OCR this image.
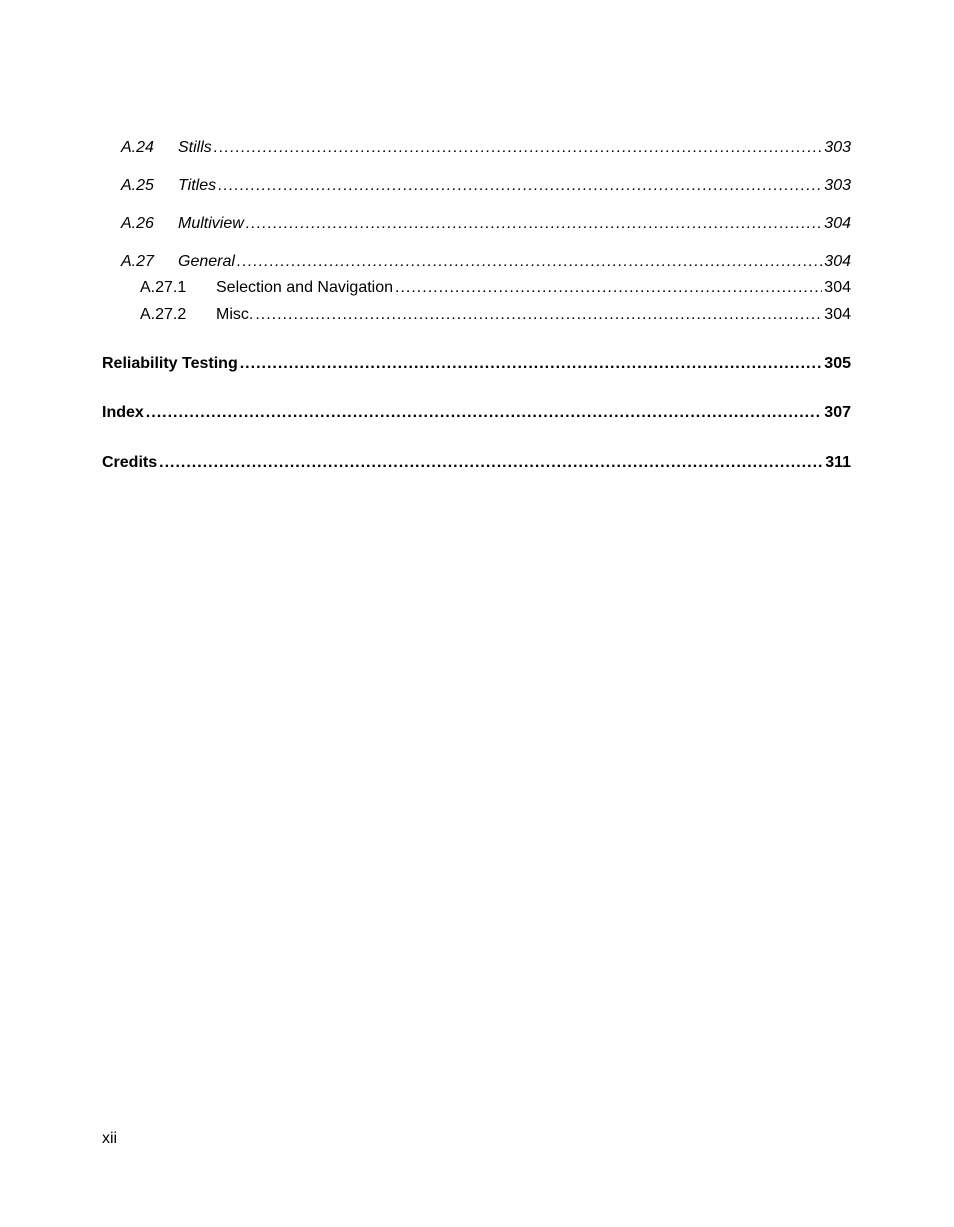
A.24	Stills .....	303
A.25	Titles .....	303
A.26	Multiview .....	304
A.27	General .....	304
A.27.1	Selection and Navigation .....	304
A.27.2	Misc. .....	304
Reliability Testing .....	305
Index .....	307
Credits .....	311
xii
